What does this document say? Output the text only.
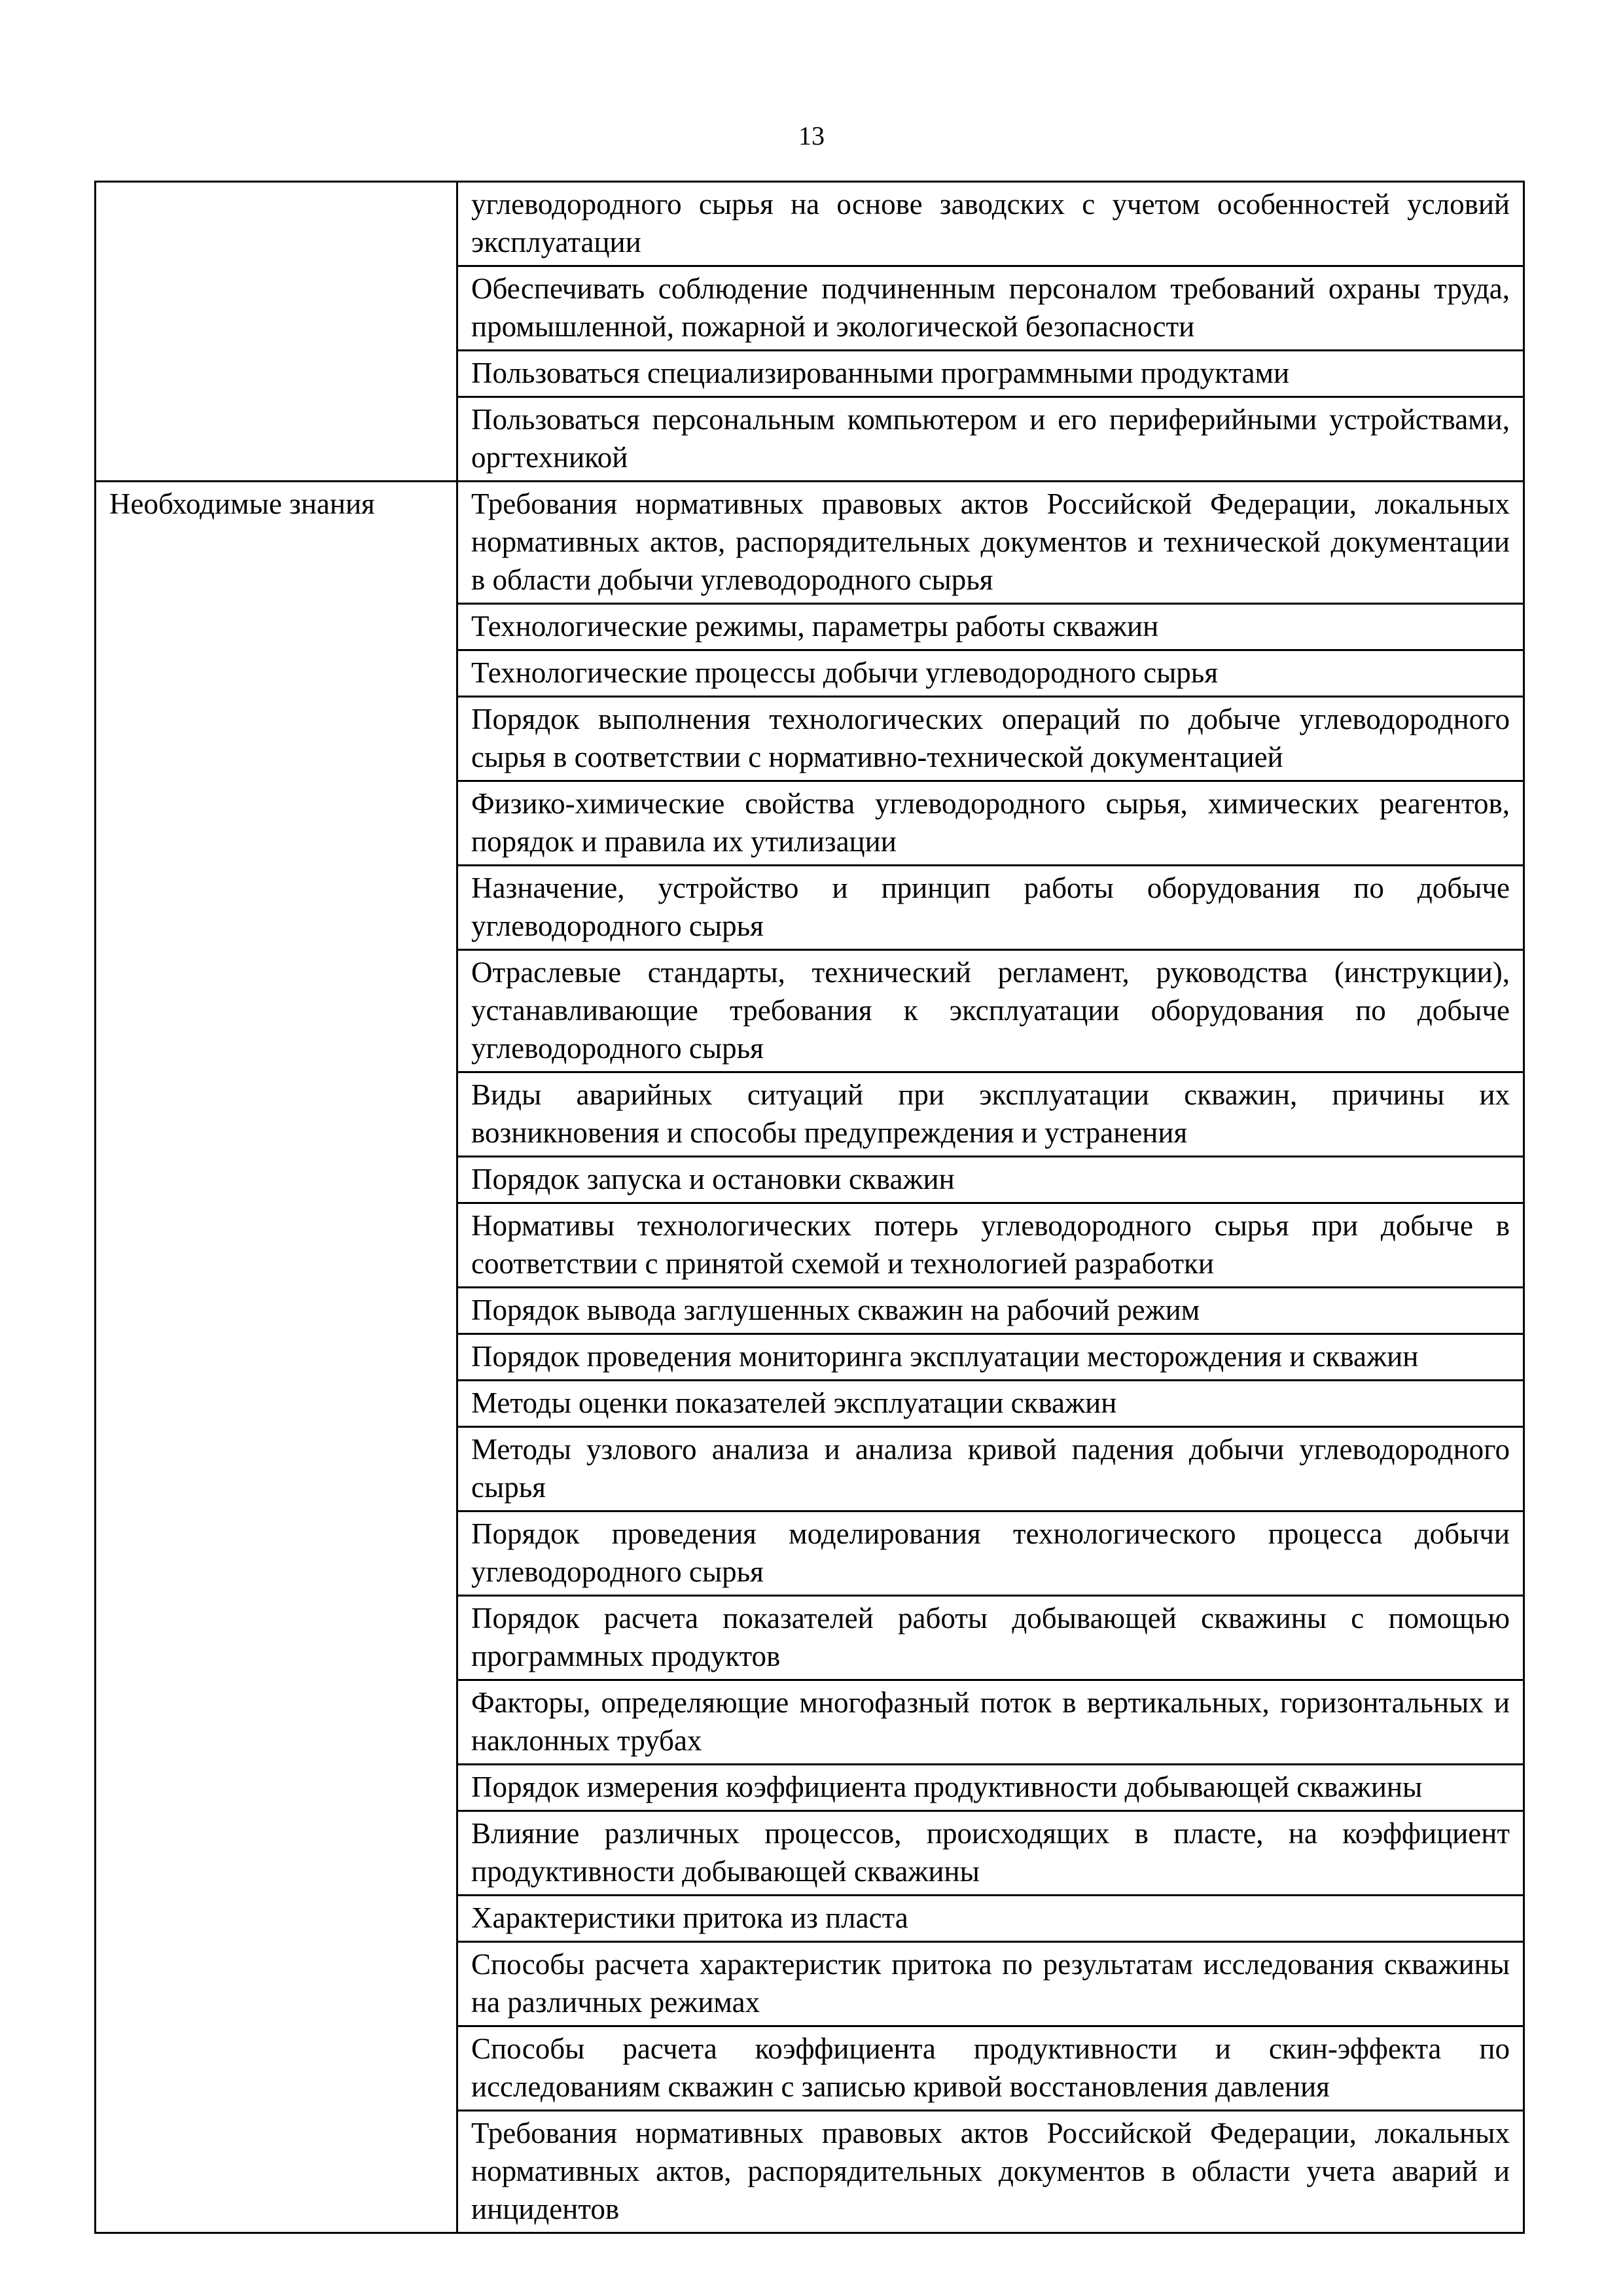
13
	углеводородного сырья на основе заводских с учетом особенностей условий эксплуатации
	Обеспечивать соблюдение подчиненным персоналом требований охраны труда, промышленной, пожарной и экологической безопасности
	Пользоваться специализированными программными продуктами
	Пользоваться персональным компьютером и его периферийными устройствами, оргтехникой
Необходимые знания	Требования нормативных правовых актов Российской Федерации, локальных нормативных актов, распорядительных документов и технической документации в области добычи углеводородного сырья
	Технологические режимы, параметры работы скважин
	Технологические процессы добычи углеводородного сырья
	Порядок выполнения технологических операций по добыче углеводородного сырья в соответствии с нормативно-технической документацией
	Физико-химические свойства углеводородного сырья, химических реагентов, порядок и правила их утилизации
	Назначение, устройство и принцип работы оборудования по добыче углеводородного сырья
	Отраслевые стандарты, технический регламент, руководства (инструкции), устанавливающие требования к эксплуатации оборудования по добыче углеводородного сырья
	Виды аварийных ситуаций при эксплуатации скважин, причины их возникновения и способы предупреждения и устранения
	Порядок запуска и остановки скважин
	Нормативы технологических потерь углеводородного сырья при добыче в соответствии с принятой схемой и технологией разработки
	Порядок вывода заглушенных скважин на рабочий режим
	Порядок проведения мониторинга эксплуатации месторождения и скважин
	Методы оценки показателей эксплуатации скважин
	Методы узлового анализа и анализа кривой падения добычи углеводородного сырья
	Порядок проведения моделирования технологического процесса добычи углеводородного сырья
	Порядок расчета показателей работы добывающей скважины с помощью программных продуктов
	Факторы, определяющие многофазный поток в вертикальных, горизонтальных и наклонных трубах
	Порядок измерения коэффициента продуктивности добывающей скважины
	Влияние различных процессов, происходящих в пласте, на коэффициент продуктивности добывающей скважины
	Характеристики притока из пласта
	Способы расчета характеристик притока по результатам исследования скважины на различных режимах
	Способы расчета коэффициента продуктивности и скин-эффекта по исследованиям скважин с записью кривой восстановления давления
	Требования нормативных правовых актов Российской Федерации, локальных нормативных актов, распорядительных документов в области учета аварий и инцидентов
